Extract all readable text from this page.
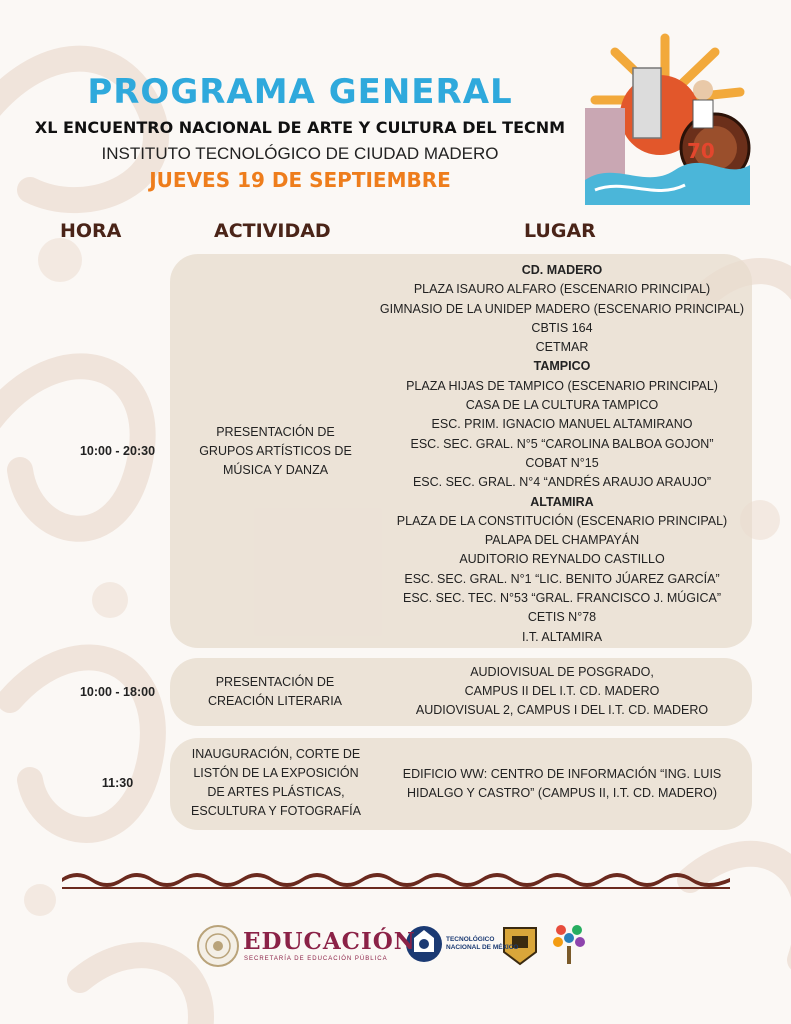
PROGRAMA GENERAL
XL ENCUENTRO NACIONAL DE ARTE Y CULTURA DEL TECNM
INSTITUTO TECNOLÓGICO DE CIUDAD MADERO
JUEVES 19 DE SEPTIEMBRE
70
HORA	ACTIVIDAD	LUGAR
10:00 - 20:30
PRESENTACIÓN DE GRUPOS ARTÍSTICOS DE MÚSICA Y DANZA
CD. MADERO
PLAZA ISAURO ALFARO (ESCENARIO PRINCIPAL)
GIMNASIO DE LA UNIDEP MADERO (ESCENARIO PRINCIPAL)
CBTIS 164
CETMAR
TAMPICO
PLAZA HIJAS DE TAMPICO (ESCENARIO PRINCIPAL)
CASA DE LA CULTURA TAMPICO
ESC. PRIM. IGNACIO MANUEL ALTAMIRANO
ESC. SEC. GRAL. N°5 “CAROLINA BALBOA GOJON”
COBAT N°15
ESC. SEC. GRAL. N°4 “ANDRÉS ARAUJO ARAUJO”
ALTAMIRA
PLAZA DE LA CONSTITUCIÓN (ESCENARIO PRINCIPAL)
PALAPA DEL CHAMPAYÁN
AUDITORIO REYNALDO CASTILLO
ESC. SEC. GRAL. N°1 “LIC. BENITO JÚAREZ GARCÍA”
ESC. SEC. TEC. N°53 “GRAL. FRANCISCO J. MÚGICA”
CETIS N°78
I.T. ALTAMIRA
10:00 - 18:00
PRESENTACIÓN DE CREACIÓN LITERARIA
AUDIOVISUAL DE POSGRADO,
CAMPUS II DEL I.T. CD. MADERO
AUDIOVISUAL 2, CAMPUS I DEL I.T. CD. MADERO
11:30
INAUGURACIÓN, CORTE DE LISTÓN DE LA EXPOSICIÓN DE ARTES PLÁSTICAS, ESCULTURA Y FOTOGRAFÍA
EDIFICIO WW: CENTRO DE INFORMACIÓN “ING. LUIS
HIDALGO Y CASTRO” (CAMPUS II, I.T. CD. MADERO)
EDUCACIÓN
SECRETARÍA DE EDUCACIÓN PÚBLICA
TECNOLÓGICO
NACIONAL DE MÉXICO
